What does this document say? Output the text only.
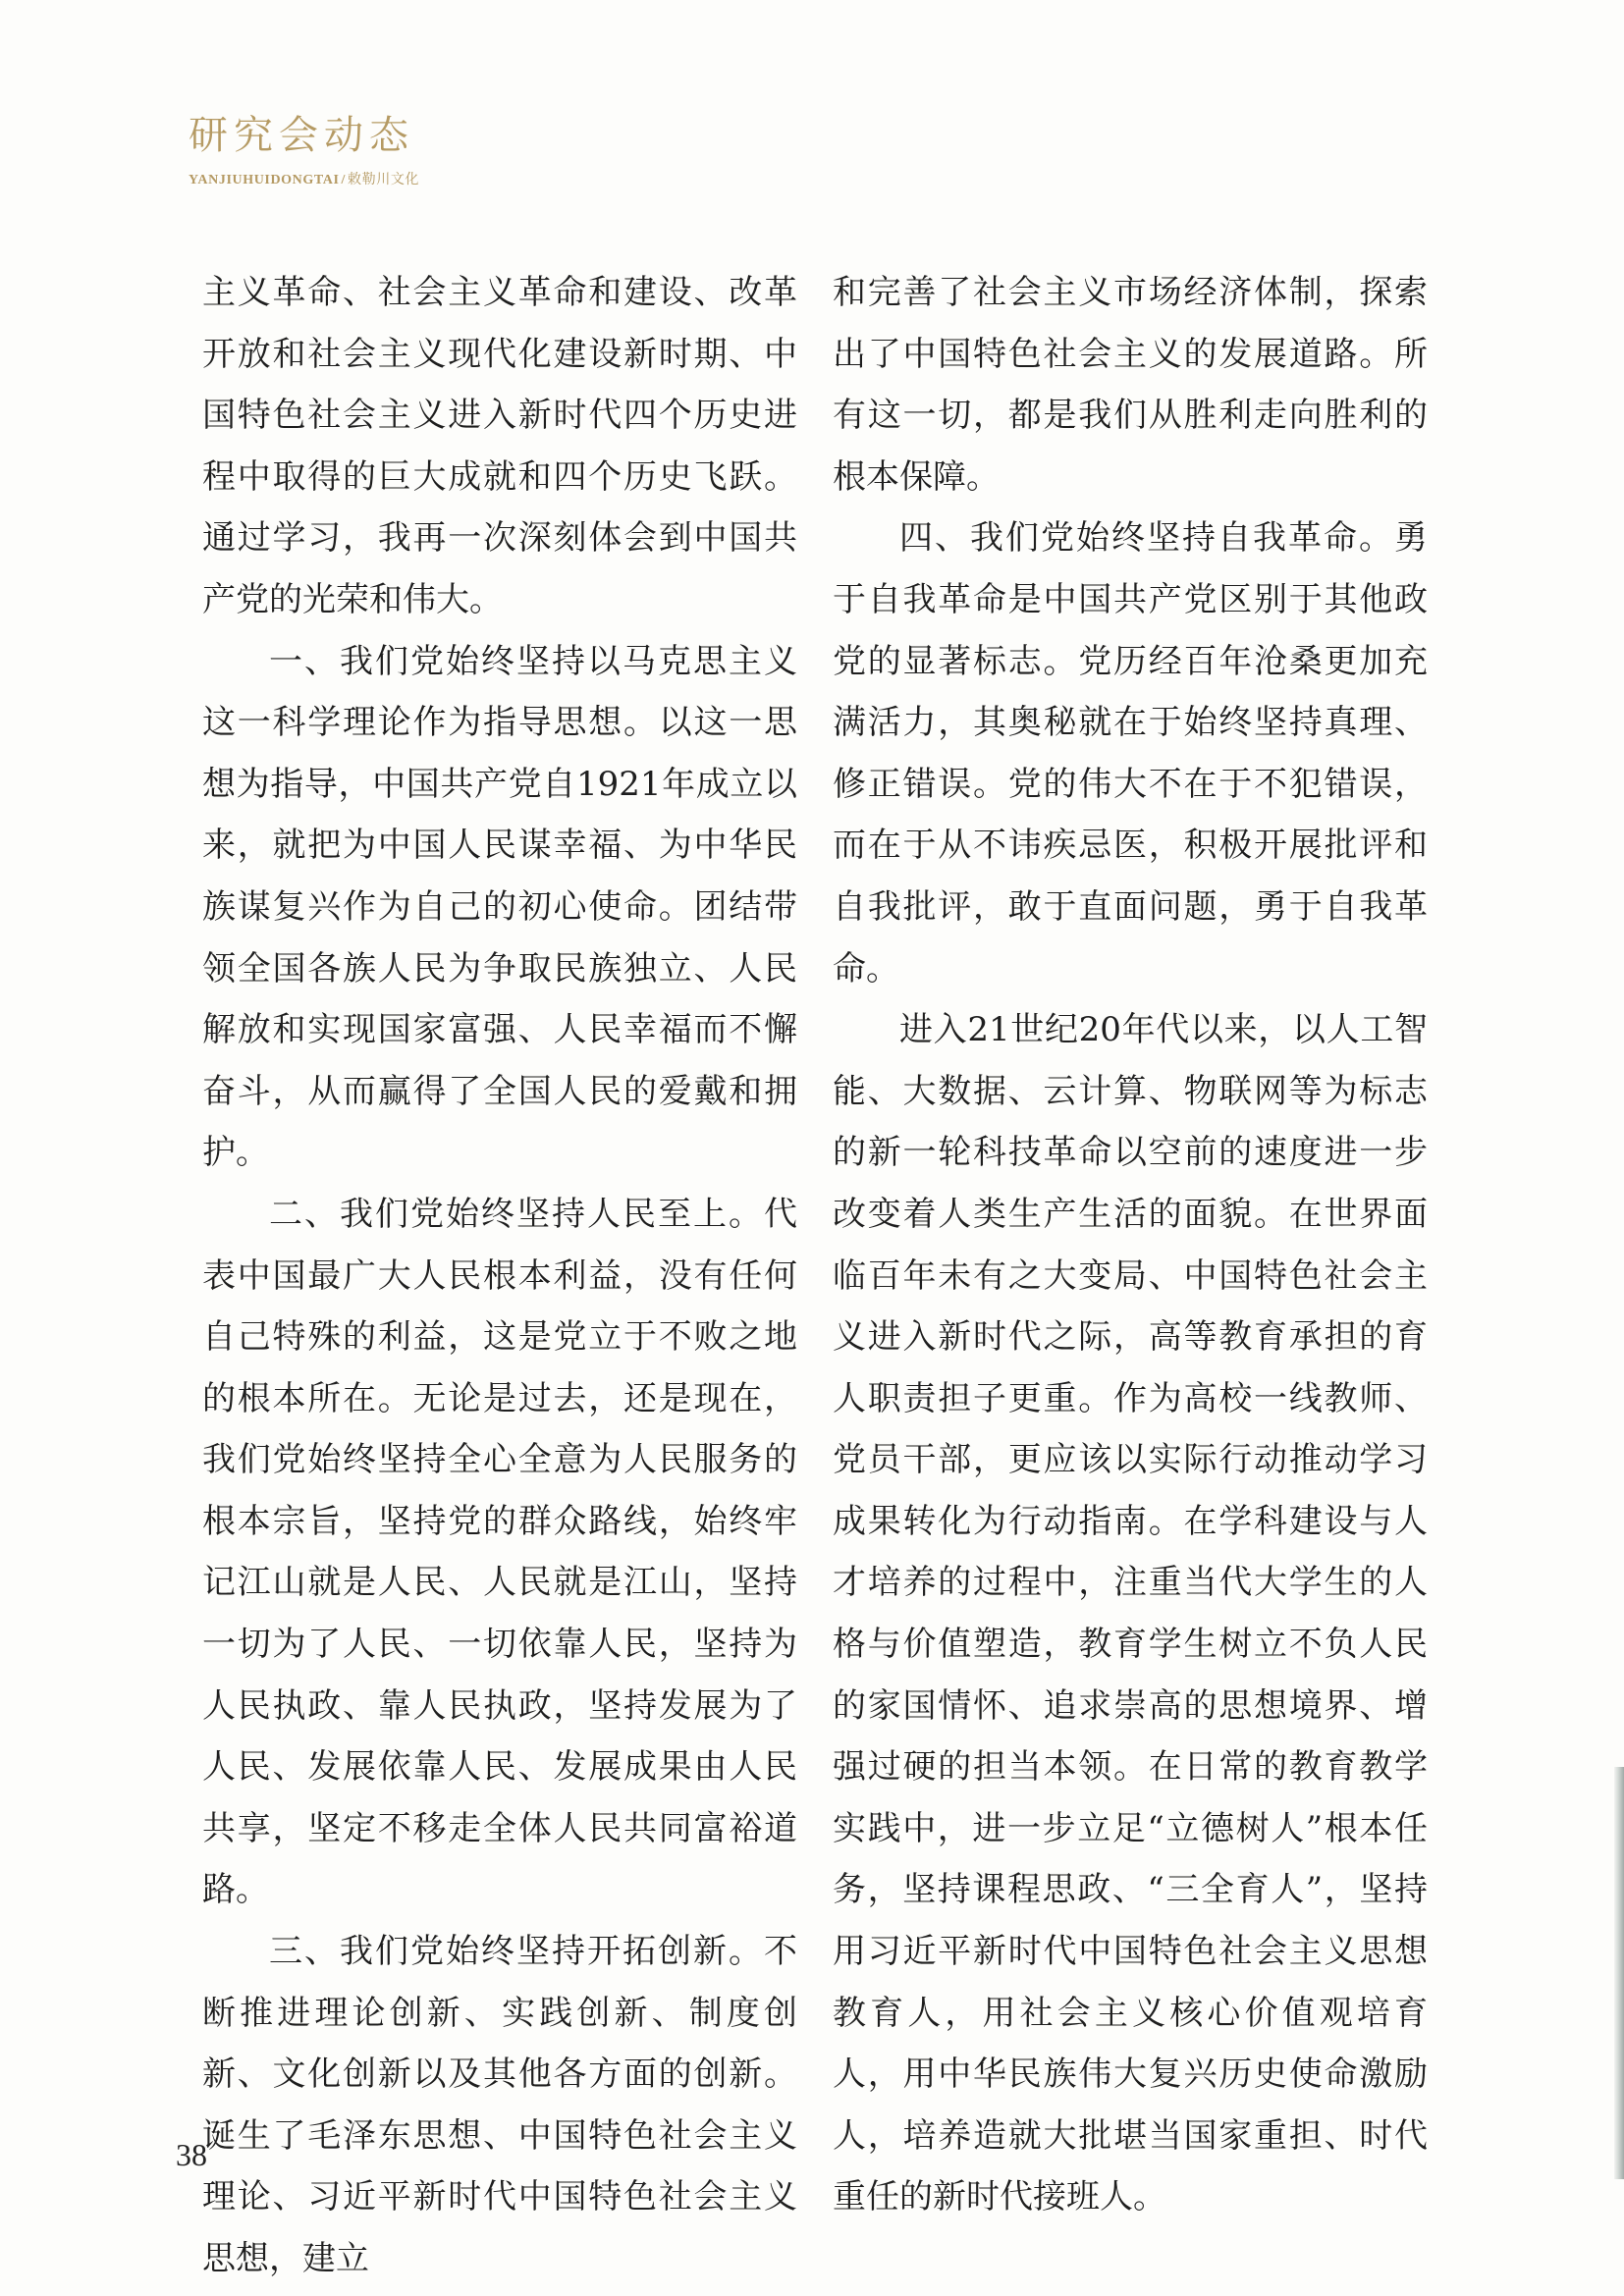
研究会动态
YANJIUHUIDONGTAI / 敕勒川文化

主义革命、社会主义革命和建设、改革开放和社会主义现代化建设新时期、中国特色社会主义进入新时代四个历史进程中取得的巨大成就和四个历史飞跃。通过学习，我再一次深刻体会到中国共产党的光荣和伟大。

一、我们党始终坚持以马克思主义这一科学理论作为指导思想。以这一思想为指导，中国共产党自1921年成立以来，就把为中国人民谋幸福、为中华民族谋复兴作为自己的初心使命。团结带领全国各族人民为争取民族独立、人民解放和实现国家富强、人民幸福而不懈奋斗，从而赢得了全国人民的爱戴和拥护。

二、我们党始终坚持人民至上。代表中国最广大人民根本利益，没有任何自己特殊的利益，这是党立于不败之地的根本所在。无论是过去，还是现在，我们党始终坚持全心全意为人民服务的根本宗旨，坚持党的群众路线，始终牢记江山就是人民、人民就是江山，坚持一切为了人民、一切依靠人民，坚持为人民执政、靠人民执政，坚持发展为了人民、发展依靠人民、发展成果由人民共享，坚定不移走全体人民共同富裕道路。

三、我们党始终坚持开拓创新。不断推进理论创新、实践创新、制度创新、文化创新以及其他各方面的创新。诞生了毛泽东思想、中国特色社会主义理论、习近平新时代中国特色社会主义思想，建立

和完善了社会主义市场经济体制，探索出了中国特色社会主义的发展道路。所有这一切，都是我们从胜利走向胜利的根本保障。

四、我们党始终坚持自我革命。勇于自我革命是中国共产党区别于其他政党的显著标志。党历经百年沧桑更加充满活力，其奥秘就在于始终坚持真理、修正错误。党的伟大不在于不犯错误，而在于从不讳疾忌医，积极开展批评和自我批评，敢于直面问题，勇于自我革命。

进入21世纪20年代以来，以人工智能、大数据、云计算、物联网等为标志的新一轮科技革命以空前的速度进一步改变着人类生产生活的面貌。在世界面临百年未有之大变局、中国特色社会主义进入新时代之际，高等教育承担的育人职责担子更重。作为高校一线教师、党员干部，更应该以实际行动推动学习成果转化为行动指南。在学科建设与人才培养的过程中，注重当代大学生的人格与价值塑造，教育学生树立不负人民的家国情怀、追求崇高的思想境界、增强过硬的担当本领。在日常的教育教学实践中，进一步立足“立德树人”根本任务，坚持课程思政、“三全育人”，坚持用习近平新时代中国特色社会主义思想教育人，用社会主义核心价值观培育人，用中华民族伟大复兴历史使命激励人，培养造就大批堪当国家重担、时代重任的新时代接班人。

38
